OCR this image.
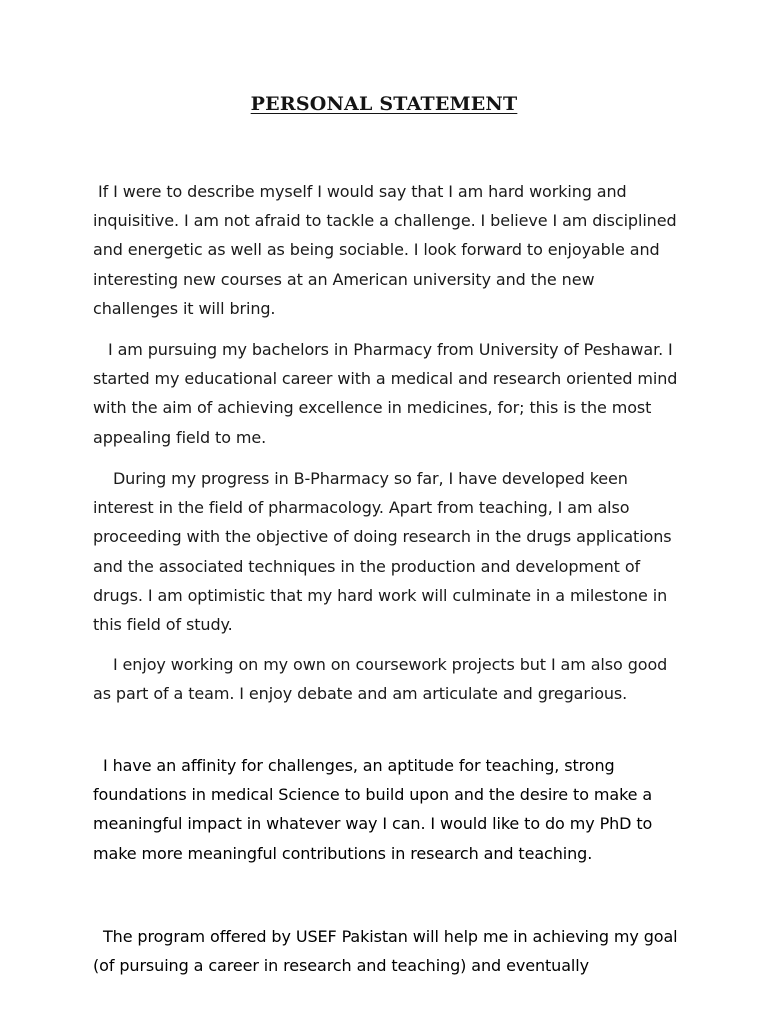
PERSONAL STATEMENT

If I were to describe myself I would say that I am hard working and inquisitive. I am not afraid to tackle a challenge. I believe I am disciplined and energetic as well as being sociable. I look forward to enjoyable and interesting new courses at an American university and the new challenges it will bring.

I am pursuing my bachelors in Pharmacy from University of Peshawar. I started my educational career with a medical and research oriented mind with the aim of achieving excellence in medicines, for; this is the most appealing field to me.

During my progress in B-Pharmacy so far, I have developed keen interest in the field of pharmacology. Apart from teaching, I am also proceeding with the objective of doing research in the drugs applications and the associated techniques in the production and development of drugs. I am optimistic that my hard work will culminate in a milestone in this field of study.

I enjoy working on my own on coursework projects but I am also good as part of a team. I enjoy debate and am articulate and gregarious.

I have an affinity for challenges, an aptitude for teaching, strong foundations in medical Science to build upon and the desire to make a meaningful impact in whatever way I can. I would like to do my PhD to make more meaningful contributions in research and teaching.

The program offered by USEF Pakistan will help me in achieving my goal (of pursuing a career in research and teaching) and eventually
